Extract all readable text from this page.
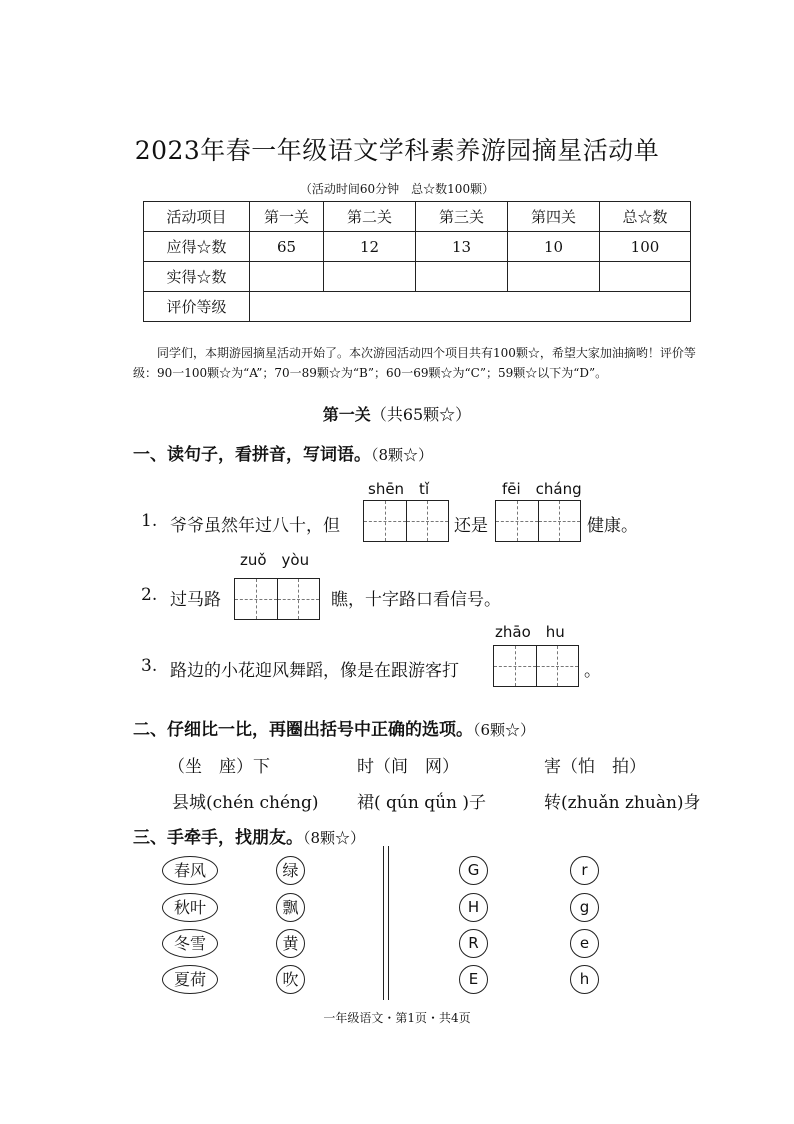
2023年春一年级语文学科素养游园摘星活动单
（活动时间60分钟　总☆数100颗）
活动项目	第一关	第二关	第三关	第四关	总☆数
应得☆数	65	12	13	10	100
实得☆数					
评价等级					
同学们，本期游园摘星活动开始了。本次游园活动四个项目共有100颗☆，希望大家加油摘哟！评价等级：90一100颗☆为“A”；70一89颗☆为“B”；60一69颗☆为“C”；59颗☆以下为“D”。
第一关（共65颗☆）
一、读句子，看拼音，写词语。（8颗☆）
shēn　tǐ	fēi　cháng
1. 爷爷虽然年过八十，但	还是	健康。
zuǒ　yòu
2. 过马路	瞧，十字路口看信号。
zhāo　hu
3. 路边的小花迎风舞蹈，像是在跟游客打	。
二、仔细比一比，再圈出括号中正确的选项。（6颗☆）
（坐　座）下	时（间　网）	害（怕　拍）
县城(chén chéng) 裙( qún qǘn )子	转(zhuǎn zhuàn)身
三、手牵手，找朋友。（8颗☆）
春风
秋叶
冬雪
夏荷
绿
飘
黄
吹
G
H
R
E
r
g
e
h
一年级语文・第1页・共4页
